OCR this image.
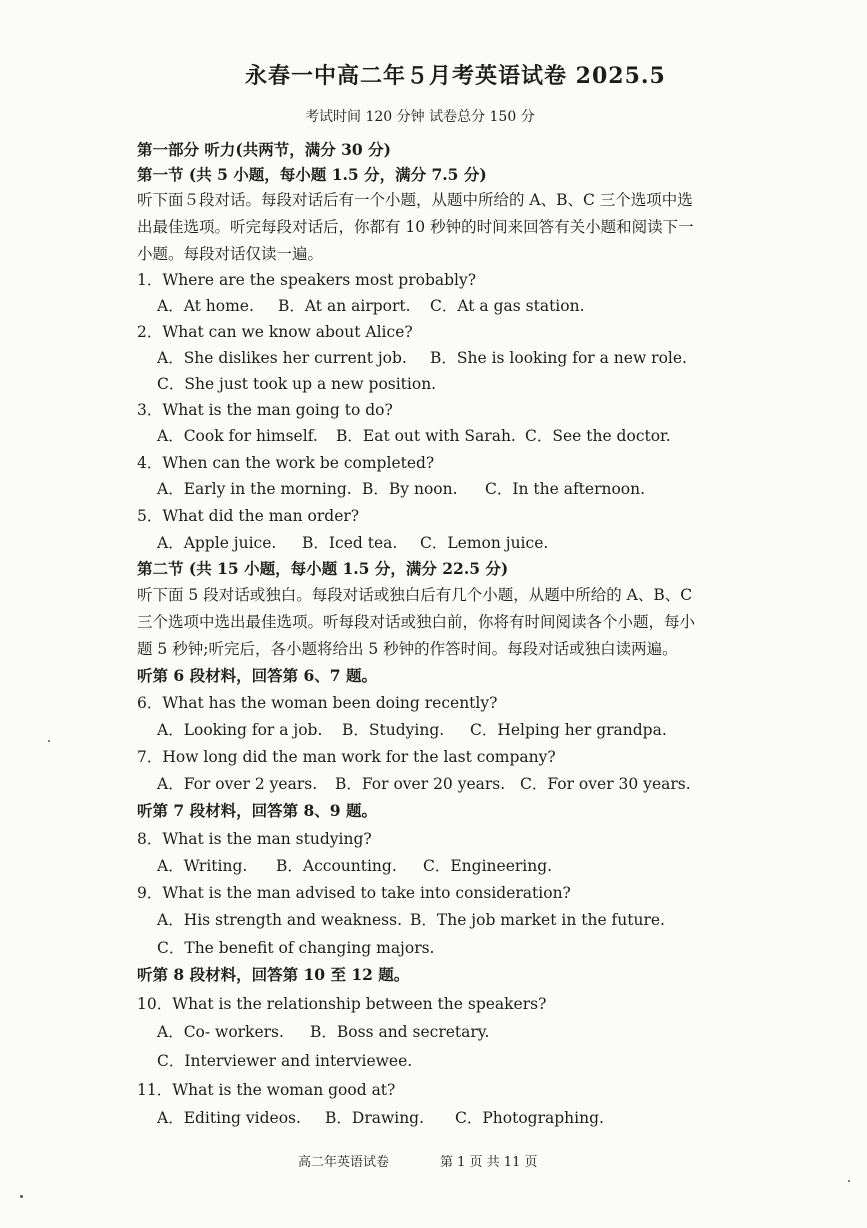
永春一中高二年５月考英语试卷 2025.5
考试时间 120 分钟 试卷总分 150 分
第一部分 听力(共两节，满分 30 分)
第一节 (共 5 小题，每小题 1.5 分，满分 7.5 分)
听下面５段对话。每段对话后有一个小题，从题中所给的 A、B、C 三个选项中选
出最佳选项。听完每段对话后，你都有 10 秒钟的时间来回答有关小题和阅读下一
小题。每段对话仅读一遍。
1．Where are the speakers most probably?
A．At home. B．At an airport. C．At a gas station.
2．What can we know about Alice?
A．She dislikes her current job. B．She is looking for a new role.
C．She just took up a new position.
3．What is the man going to do?
A．Cook for himself. B．Eat out with Sarah. C．See the doctor.
4．When can the work be completed?
A．Early in the morning. B．By noon. C．In the afternoon.
5．What did the man order?
A．Apple juice. B．Iced tea. C．Lemon juice.
第二节 (共 15 小题，每小题 1.5 分，满分 22.5 分)
听下面 5 段对话或独白。每段对话或独白后有几个小题，从题中所给的 A、B、C
三个选项中选出最佳选项。听每段对话或独白前，你将有时间阅读各个小题，每小
题 5 秒钟;听完后，各小题将给出 5 秒钟的作答时间。每段对话或独白读两遍。
听第 6 段材料，回答第 6、7 题。
6．What has the woman been doing recently?
A．Looking for a job. B．Studying. C．Helping her grandpa.
7．How long did the man work for the last company?
A．For over 2 years. B．For over 20 years. C．For over 30 years.
听第 7 段材料，回答第 8、9 题。
8．What is the man studying?
A．Writing. B．Accounting. C．Engineering.
9．What is the man advised to take into consideration?
A．His strength and weakness. B．The job market in the future.
C．The benefit of changing majors.
听第 8 段材料，回答第 10 至 12 题。
10．What is the relationship between the speakers?
A．Co- workers. B．Boss and secretary.
C．Interviewer and interviewee.
11．What is the woman good at?
A．Editing videos. B．Drawing. C．Photographing.
高二年英语试卷	第 1 页 共 11 页
